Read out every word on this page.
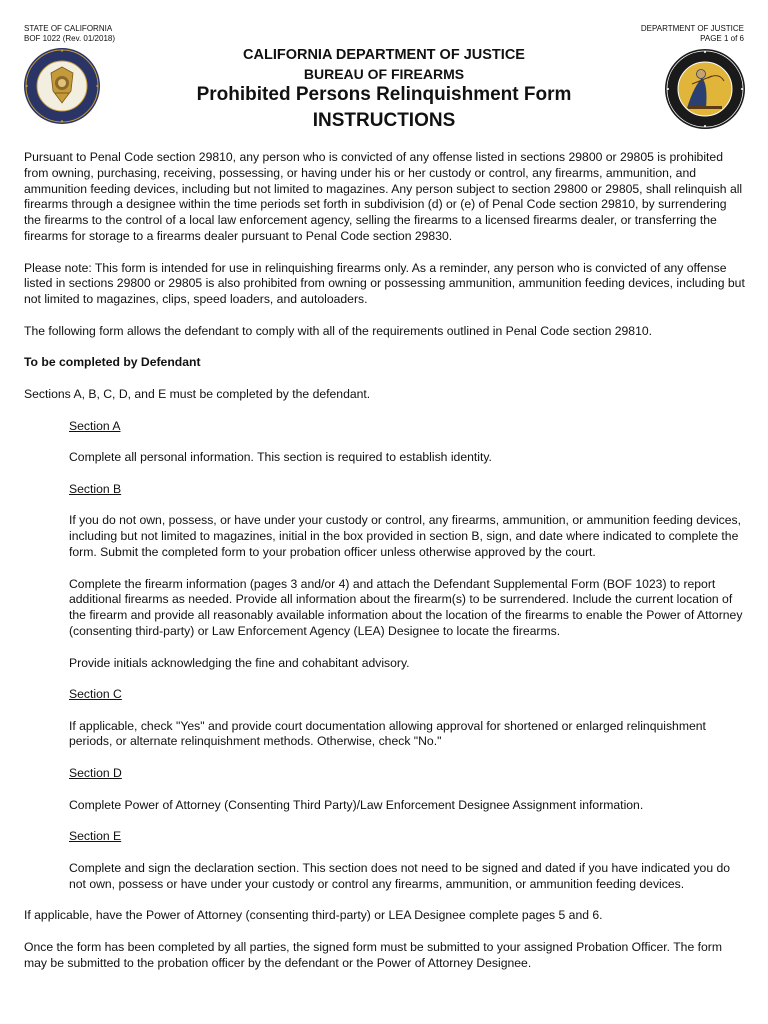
STATE OF CALIFORNIA
BOF 1022 (Rev. 01/2018)
DEPARTMENT OF JUSTICE
PAGE 1 of 6
CALIFORNIA DEPARTMENT OF JUSTICE
BUREAU OF FIREARMS
Prohibited Persons Relinquishment Form
INSTRUCTIONS

Pursuant to Penal Code section 29810, any person who is convicted of any offense listed in sections 29800 or 29805 is prohibited from owning, purchasing, receiving, possessing, or having under his or her custody or control, any firearms, ammunition, and ammunition feeding devices, including but not limited to magazines. Any person subject to section 29800 or 29805, shall relinquish all firearms through a designee within the time periods set forth in subdivision (d) or (e) of Penal Code section 29810, by surrendering the firearms to the control of a local law enforcement agency, selling the firearms to a licensed firearms dealer, or transferring the firearms for storage to a firearms dealer pursuant to Penal Code section 29830.

Please note: This form is intended for use in relinquishing firearms only. As a reminder, any person who is convicted of any offense listed in sections 29800 or 29805 is also prohibited from owning or possessing ammunition, ammunition feeding devices, including but not limited to magazines, clips, speed loaders, and autoloaders.

The following form allows the defendant to comply with all of the requirements outlined in Penal Code section 29810.

To be completed by Defendant

Sections A, B, C, D, and E must be completed by the defendant.

Section A

Complete all personal information. This section is required to establish identity.

Section B

If you do not own, possess, or have under your custody or control, any firearms, ammunition, or ammunition feeding devices, including but not limited to magazines, initial in the box provided in section B, sign, and date where indicated to complete the form. Submit the completed form to your probation officer unless otherwise approved by the court.

Complete the firearm information (pages 3 and/or 4) and attach the Defendant Supplemental Form (BOF 1023) to report additional firearms as needed. Provide all information about the firearm(s) to be surrendered. Include the current location of the firearm and provide all reasonably available information about the location of the firearms to enable the Power of Attorney (consenting third-party) or Law Enforcement Agency (LEA) Designee to locate the firearms.

Provide initials acknowledging the fine and cohabitant advisory.

Section C

If applicable, check "Yes" and provide court documentation allowing approval for shortened or enlarged relinquishment periods, or alternate relinquishment methods. Otherwise, check "No."

Section D

Complete Power of Attorney (Consenting Third Party)/Law Enforcement Designee Assignment information.

Section E

Complete and sign the declaration section. This section does not need to be signed and dated if you have indicated you do not own, possess or have under your custody or control any firearms, ammunition, or ammunition feeding devices.

If applicable, have the Power of Attorney (consenting third-party) or LEA Designee complete pages 5 and 6.

Once the form has been completed by all parties, the signed form must be submitted to your assigned Probation Officer. The form may be submitted to the probation officer by the defendant or the Power of Attorney Designee.
